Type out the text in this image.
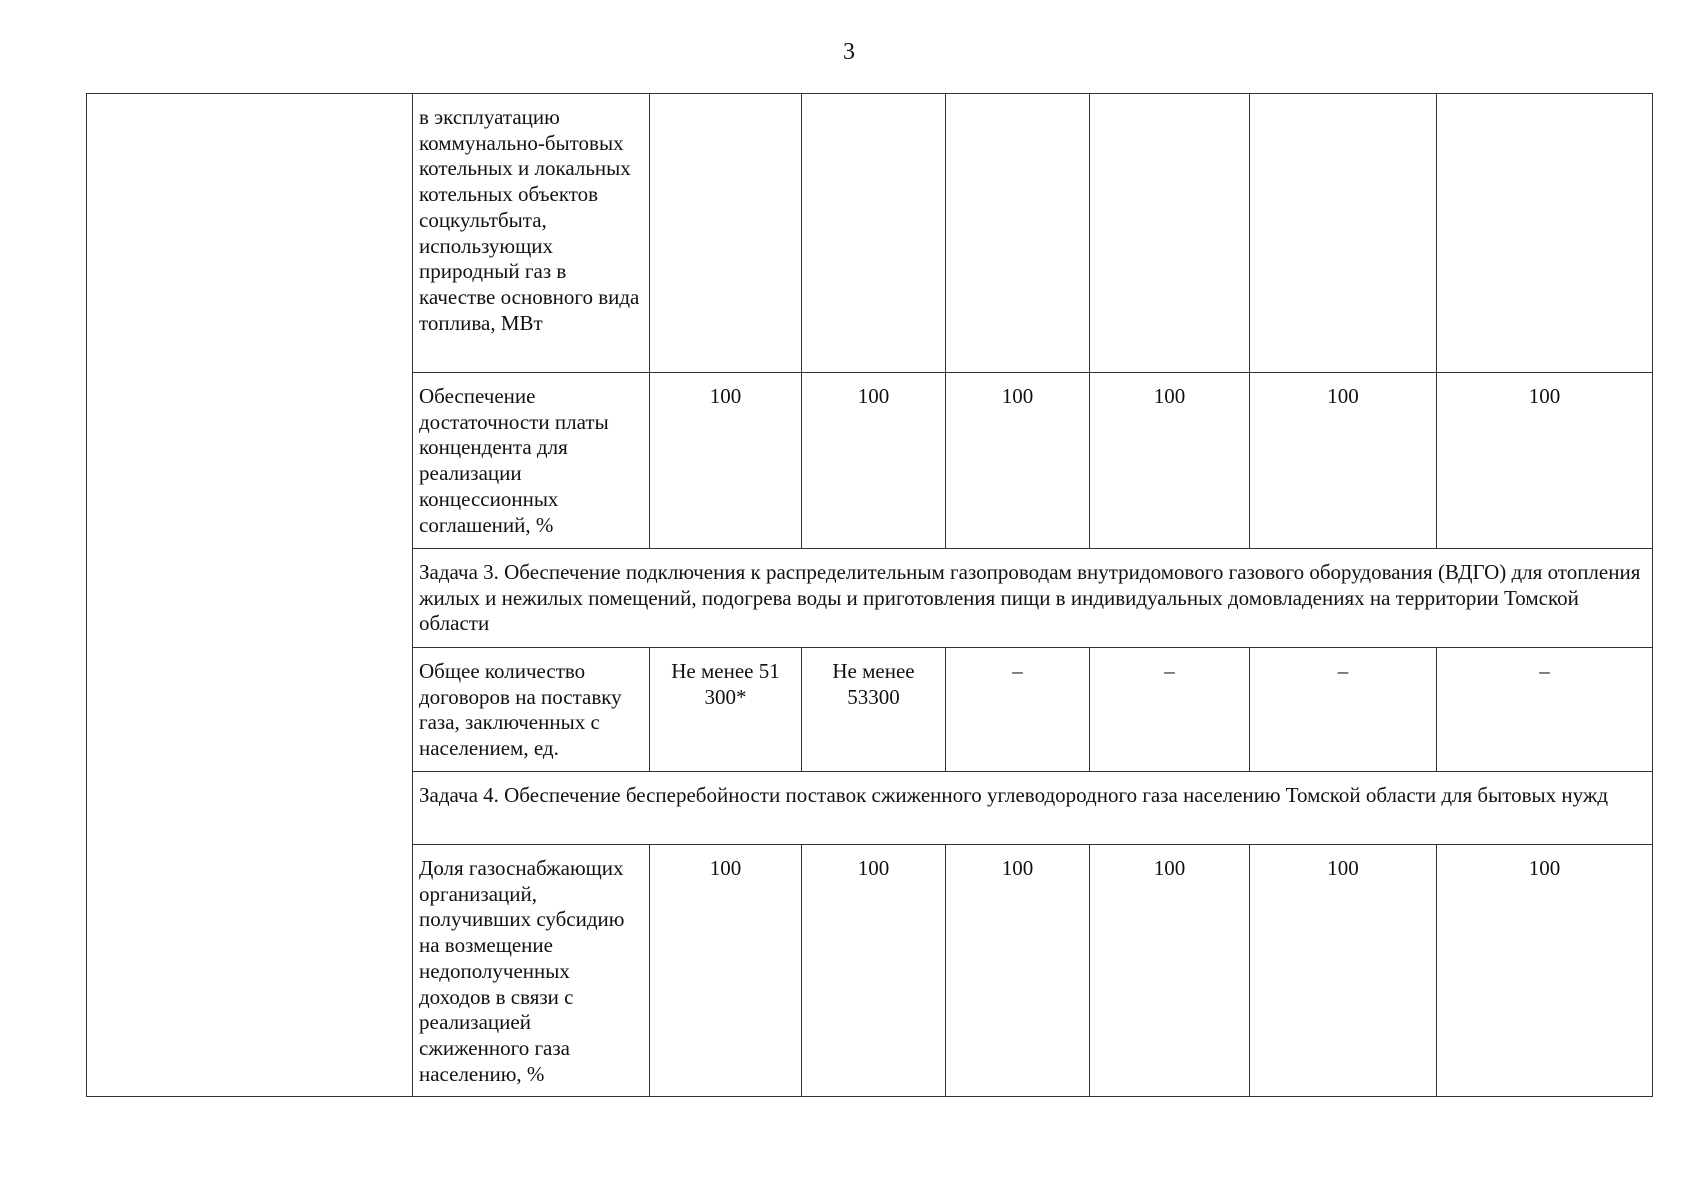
3
	в эксплуатацию коммунально-бытовых котельных и локальных котельных объектов соцкультбыта, использующих природный газ в качестве основного вида топлива, МВт						
	Обеспечение достаточности платы концендента для реализации концессионных соглашений, %	100	100	100	100	100	100
	Задача 3. Обеспечение подключения к распределительным газопроводам внутридомового газового оборудования (ВДГО) для отопления жилых и нежилых помещений, подогрева воды и приготовления пищи в индивидуальных домовладениях на территории Томской области						
	Общее количество договоров на поставку газа, заключенных с населением, ед.	Не менее 51 300*	Не менее 53300	–	–	–	–
	Задача 4. Обеспечение бесперебойности поставок сжиженного углеводородного газа населению Томской области для бытовых нужд						
	Доля газоснабжающих организаций, получивших субсидию на возмещение недополученных доходов в связи с реализацией сжиженного газа населению, %	100	100	100	100	100	100
